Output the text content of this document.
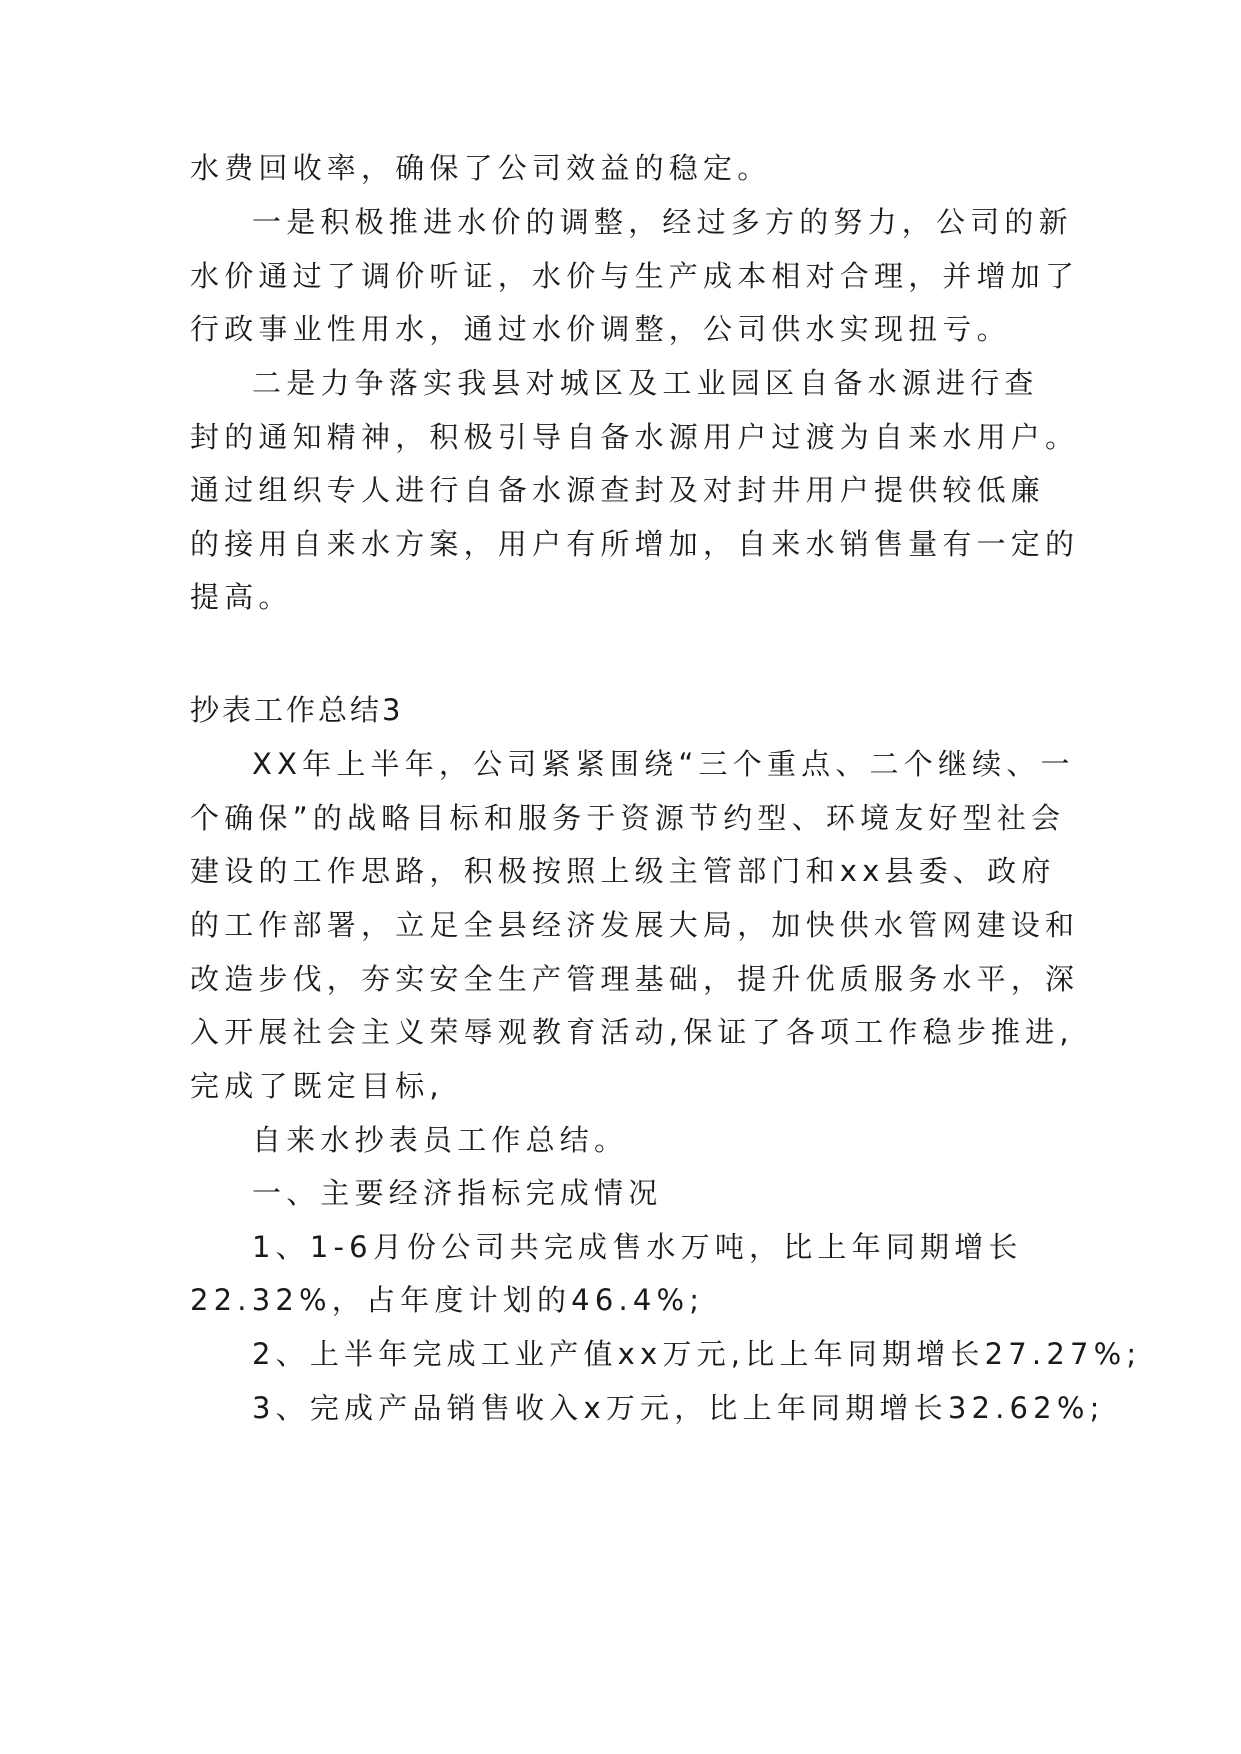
水费回收率，确保了公司效益的稳定。
一是积极推进水价的调整，经过多方的努力，公司的新
水价通过了调价听证，水价与生产成本相对合理，并增加了
行政事业性用水，通过水价调整，公司供水实现扭亏。
二是力争落实我县对城区及工业园区自备水源进行查
封的通知精神，积极引导自备水源用户过渡为自来水用户。
通过组织专人进行自备水源查封及对封井用户提供较低廉
的接用自来水方案，用户有所增加，自来水销售量有一定的
提高。
抄表工作总结3
XX年上半年，公司紧紧围绕“三个重点、二个继续、一
个确保”的战略目标和服务于资源节约型、环境友好型社会
建设的工作思路，积极按照上级主管部门和xx县委、政府
的工作部署，立足全县经济发展大局，加快供水管网建设和
改造步伐，夯实安全生产管理基础，提升优质服务水平，深
入开展社会主义荣辱观教育活动,保证了各项工作稳步推进,
完成了既定目标,
自来水抄表员工作总结。
一、主要经济指标完成情况
1、1-6月份公司共完成售水万吨，比上年同期增长
22.32%，占年度计划的46.4%;
2、上半年完成工业产值xx万元,比上年同期增长27.27%;
3、完成产品销售收入x万元，比上年同期增长32.62%;
